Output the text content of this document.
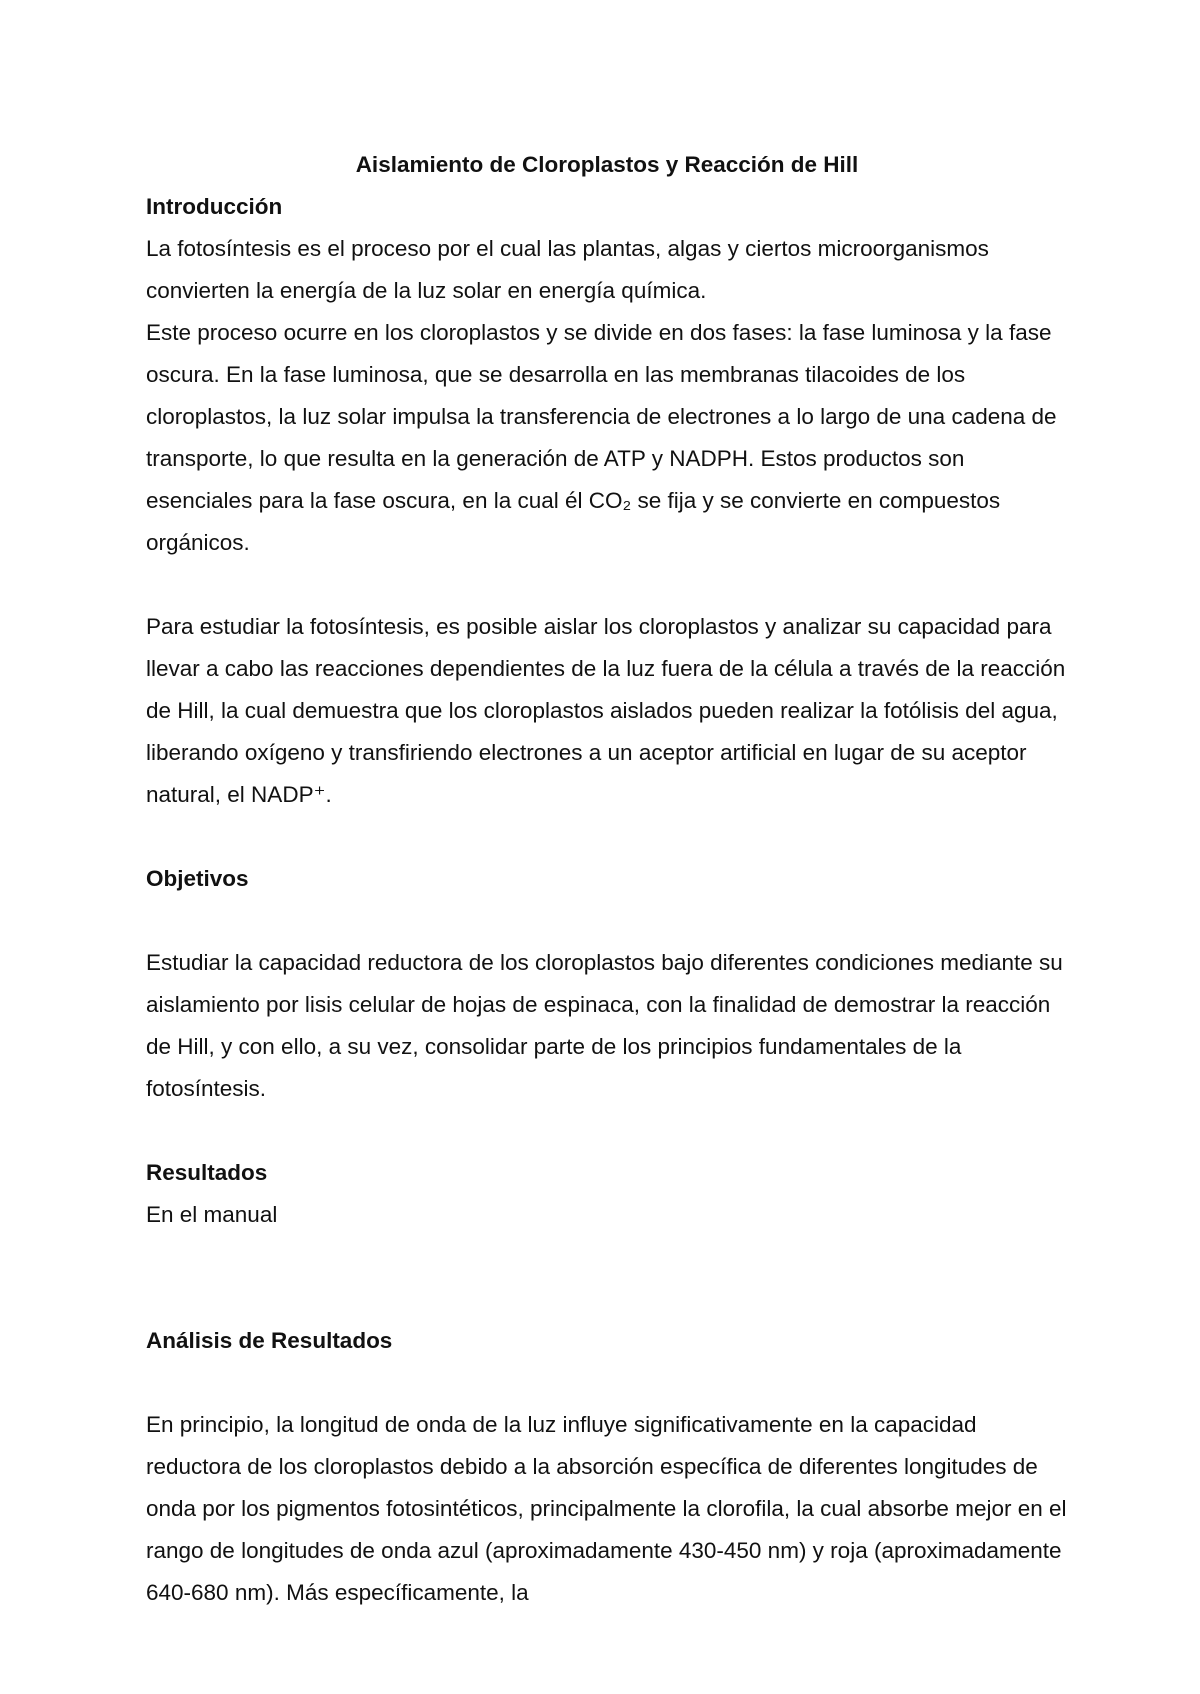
Aislamiento de Cloroplastos y Reacción de Hill
Introducción

La fotosíntesis es el proceso por el cual las plantas, algas y ciertos microorganismos convierten la energía de la luz solar en energía química.

Este proceso ocurre en los cloroplastos y se divide en dos fases: la fase luminosa y la fase oscura. En la fase luminosa, que se desarrolla en las membranas tilacoides de los cloroplastos, la luz solar impulsa la transferencia de electrones a lo largo de una cadena de transporte, lo que resulta en la generación de ATP y NADPH. Estos productos son esenciales para la fase oscura, en la cual él CO₂ se fija y se convierte en compuestos orgánicos.

Para estudiar la fotosíntesis, es posible aislar los cloroplastos y analizar su capacidad para llevar a cabo las reacciones dependientes de la luz fuera de la célula a través de la reacción de Hill, la cual demuestra que los cloroplastos aislados pueden realizar la fotólisis del agua, liberando oxígeno y transfiriendo electrones a un aceptor artificial en lugar de su aceptor natural, el NADP⁺.

Objetivos

Estudiar la capacidad reductora de los cloroplastos bajo diferentes condiciones mediante su aislamiento por lisis celular de hojas de espinaca, con la finalidad de demostrar la reacción de Hill, y con ello, a su vez, consolidar parte de los principios fundamentales de la fotosíntesis.

Resultados

En el manual

Análisis de Resultados

En principio, la longitud de onda de la luz influye significativamente en la capacidad reductora de los cloroplastos debido a la absorción específica de diferentes longitudes de onda por los pigmentos fotosintéticos, principalmente la clorofila, la cual absorbe mejor en el rango de longitudes de onda azul (aproximadamente 430-450 nm) y roja (aproximadamente 640-680 nm). Más específicamente, la
